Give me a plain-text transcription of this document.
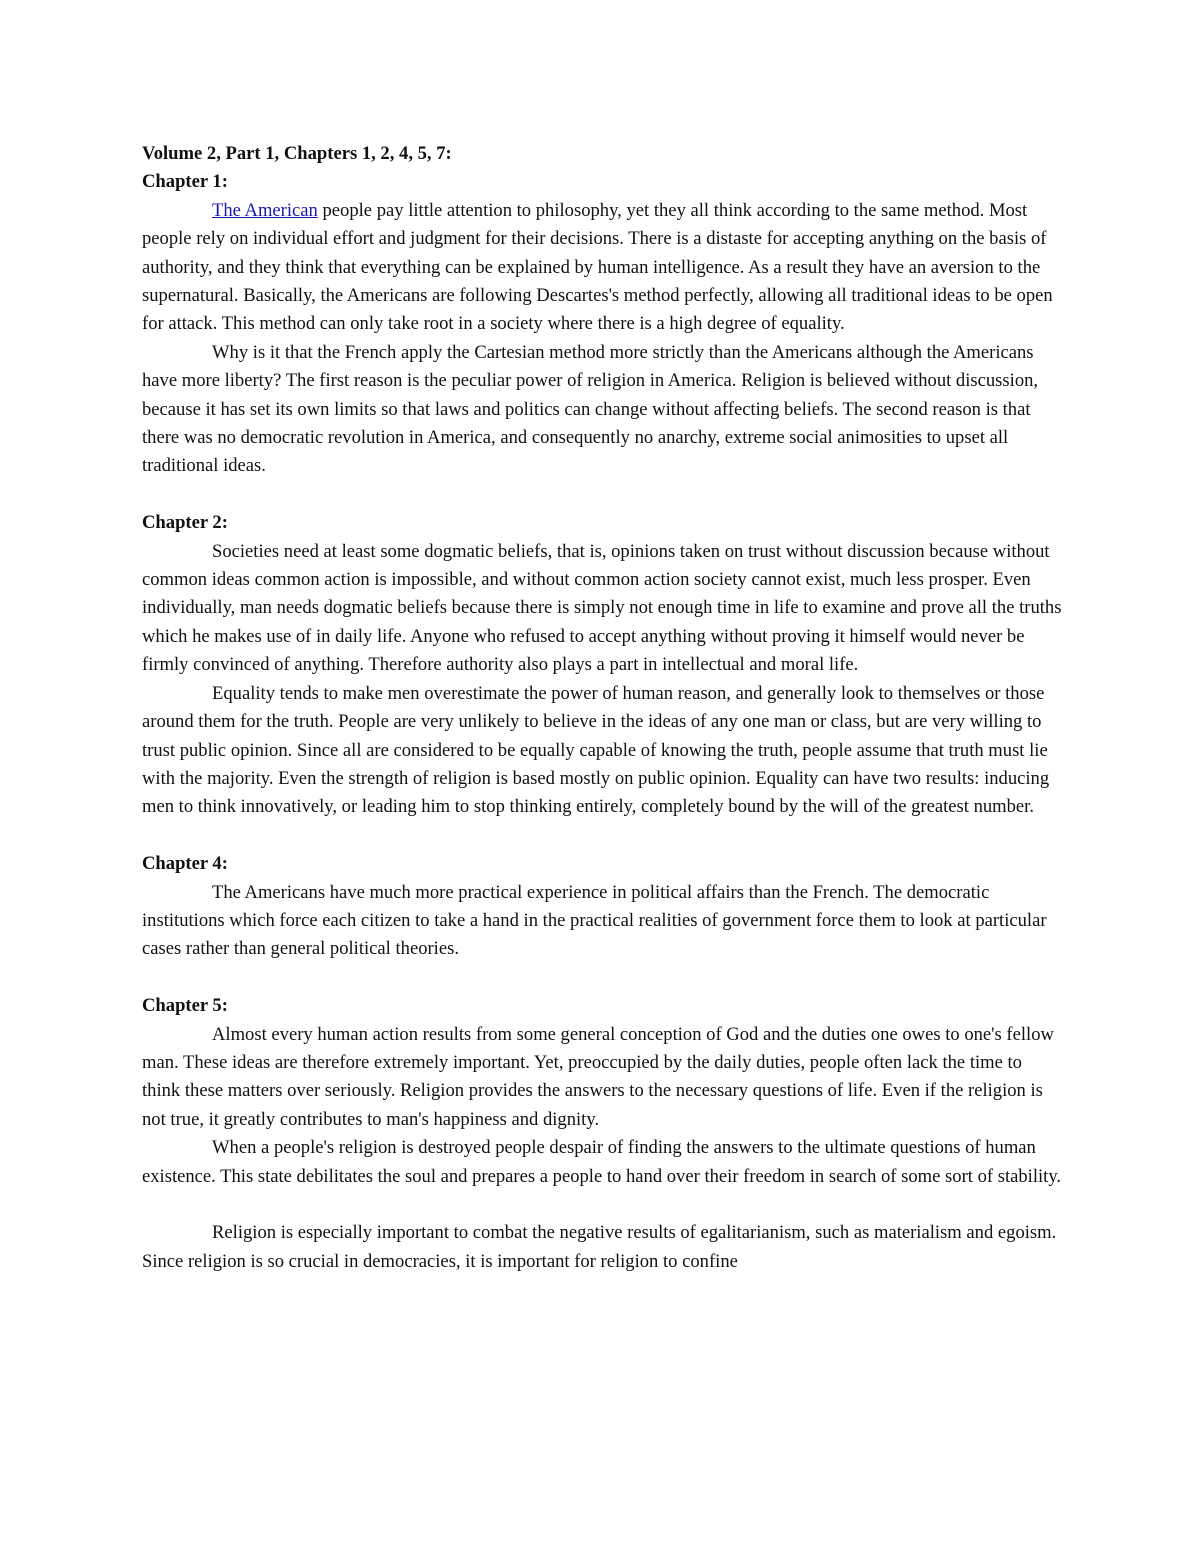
Volume 2, Part 1, Chapters 1, 2, 4, 5, 7:

Chapter 1:

The American people pay little attention to philosophy, yet they all think according to the same method. Most people rely on individual effort and judgment for their decisions. There is a distaste for accepting anything on the basis of authority, and they think that everything can be explained by human intelligence. As a result they have an aversion to the supernatural. Basically, the Americans are following Descartes's method perfectly, allowing all traditional ideas to be open for attack. This method can only take root in a society where there is a high degree of equality.

Why is it that the French apply the Cartesian method more strictly than the Americans although the Americans have more liberty? The first reason is the peculiar power of religion in America. Religion is believed without discussion, because it has set its own limits so that laws and politics can change without affecting beliefs. The second reason is that there was no democratic revolution in America, and consequently no anarchy, extreme social animosities to upset all traditional ideas.

Chapter 2:

Societies need at least some dogmatic beliefs, that is, opinions taken on trust without discussion because without common ideas common action is impossible, and without common action society cannot exist, much less prosper. Even individually, man needs dogmatic beliefs because there is simply not enough time in life to examine and prove all the truths which he makes use of in daily life. Anyone who refused to accept anything without proving it himself would never be firmly convinced of anything. Therefore authority also plays a part in intellectual and moral life.

Equality tends to make men overestimate the power of human reason, and generally look to themselves or those around them for the truth. People are very unlikely to believe in the ideas of any one man or class, but are very willing to trust public opinion. Since all are considered to be equally capable of knowing the truth, people assume that truth must lie with the majority. Even the strength of religion is based mostly on public opinion. Equality can have two results: inducing men to think innovatively, or leading him to stop thinking entirely, completely bound by the will of the greatest number.

Chapter 4:

The Americans have much more practical experience in political affairs than the French. The democratic institutions which force each citizen to take a hand in the practical realities of government force them to look at particular cases rather than general political theories.

Chapter 5:

Almost every human action results from some general conception of God and the duties one owes to one's fellow man. These ideas are therefore extremely important. Yet, preoccupied by the daily duties, people often lack the time to think these matters over seriously. Religion provides the answers to the necessary questions of life. Even if the religion is not true, it greatly contributes to man's happiness and dignity.

When a people's religion is destroyed people despair of finding the answers to the ultimate questions of human existence. This state debilitates the soul and prepares a people to hand over their freedom in search of some sort of stability.

Religion is especially important to combat the negative results of egalitarianism, such as materialism and egoism. Since religion is so crucial in democracies, it is important for religion to confine
